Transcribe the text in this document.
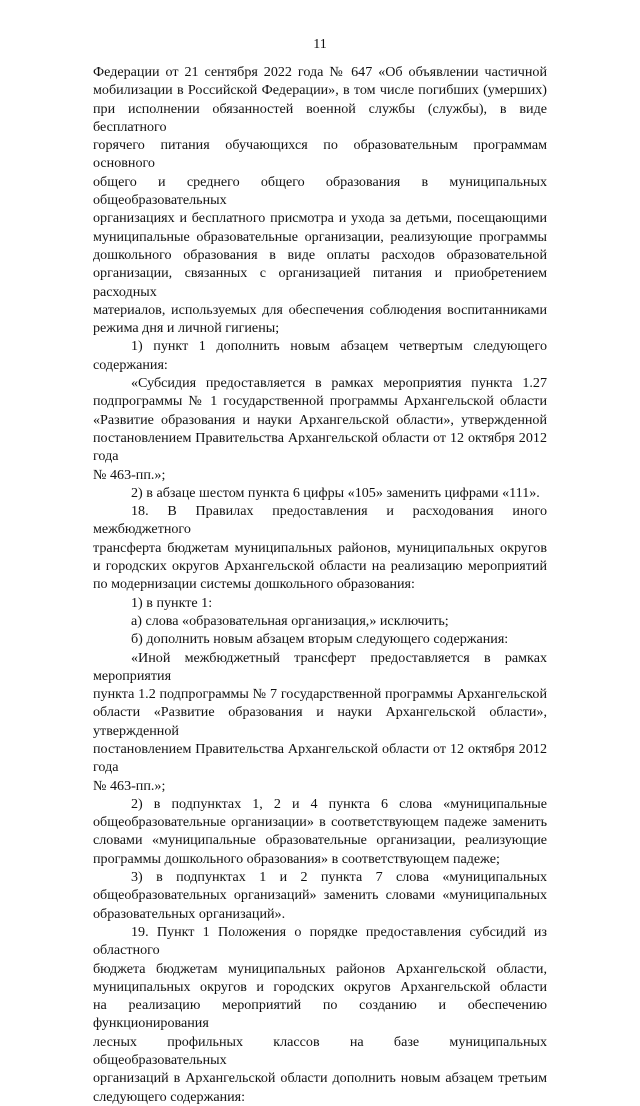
11

Федерации от 21 сентября 2022 года № 647 «Об объявлении частичной

мобилизации в Российской Федерации», в том числе погибших (умерших)

при исполнении обязанностей военной службы (службы), в виде бесплатного

горячего питания обучающихся по образовательным программам основного

общего и среднего общего образования в муниципальных общеобразовательных

организациях и бесплатного присмотра и ухода за детьми, посещающими

муниципальные образовательные организации, реализующие программы

дошкольного образования в виде оплаты расходов образовательной

организации, связанных с организацией питания и приобретением расходных

материалов, используемых для обеспечения соблюдения воспитанниками

режима дня и личной гигиены;

1) пункт 1 дополнить новым абзацем четвертым следующего

содержания:

«Субсидия предоставляется в рамках мероприятия пункта 1.27

подпрограммы № 1 государственной программы Архангельской области

«Развитие образования и науки Архангельской области», утвержденной

постановлением Правительства Архангельской области от 12 октября 2012 года

№ 463-пп.»;

2) в абзаце шестом пункта 6 цифры «105» заменить цифрами «111».

18. В Правилах предоставления и расходования иного межбюджетного

трансферта бюджетам муниципальных районов, муниципальных округов

и городских округов Архангельской области на реализацию мероприятий

по модернизации системы дошкольного образования:

1) в пункте 1:

а) слова «образовательная организация,» исключить;

б) дополнить новым абзацем вторым следующего содержания:

«Иной межбюджетный трансферт предоставляется в рамках мероприятия

пункта 1.2 подпрограммы № 7 государственной программы Архангельской

области «Развитие образования и науки Архангельской области», утвержденной

постановлением Правительства Архангельской области от 12 октября 2012 года

№ 463-пп.»;

2) в подпунктах 1, 2 и 4 пункта 6 слова «муниципальные

общеобразовательные организации» в соответствующем падеже заменить

словами «муниципальные образовательные организации, реализующие

программы дошкольного образования» в соответствующем падеже;

3) в подпунктах 1 и 2 пункта 7 слова «муниципальных

общеобразовательных организаций» заменить словами «муниципальных

образовательных организаций».

19. Пункт 1 Положения о порядке предоставления субсидий из областного

бюджета бюджетам муниципальных районов Архангельской области,

муниципальных округов и городских округов Архангельской области

на реализацию мероприятий по созданию и обеспечению функционирования

лесных профильных классов на базе муниципальных общеобразовательных

организаций в Архангельской области дополнить новым абзацем третьим

следующего содержания:
